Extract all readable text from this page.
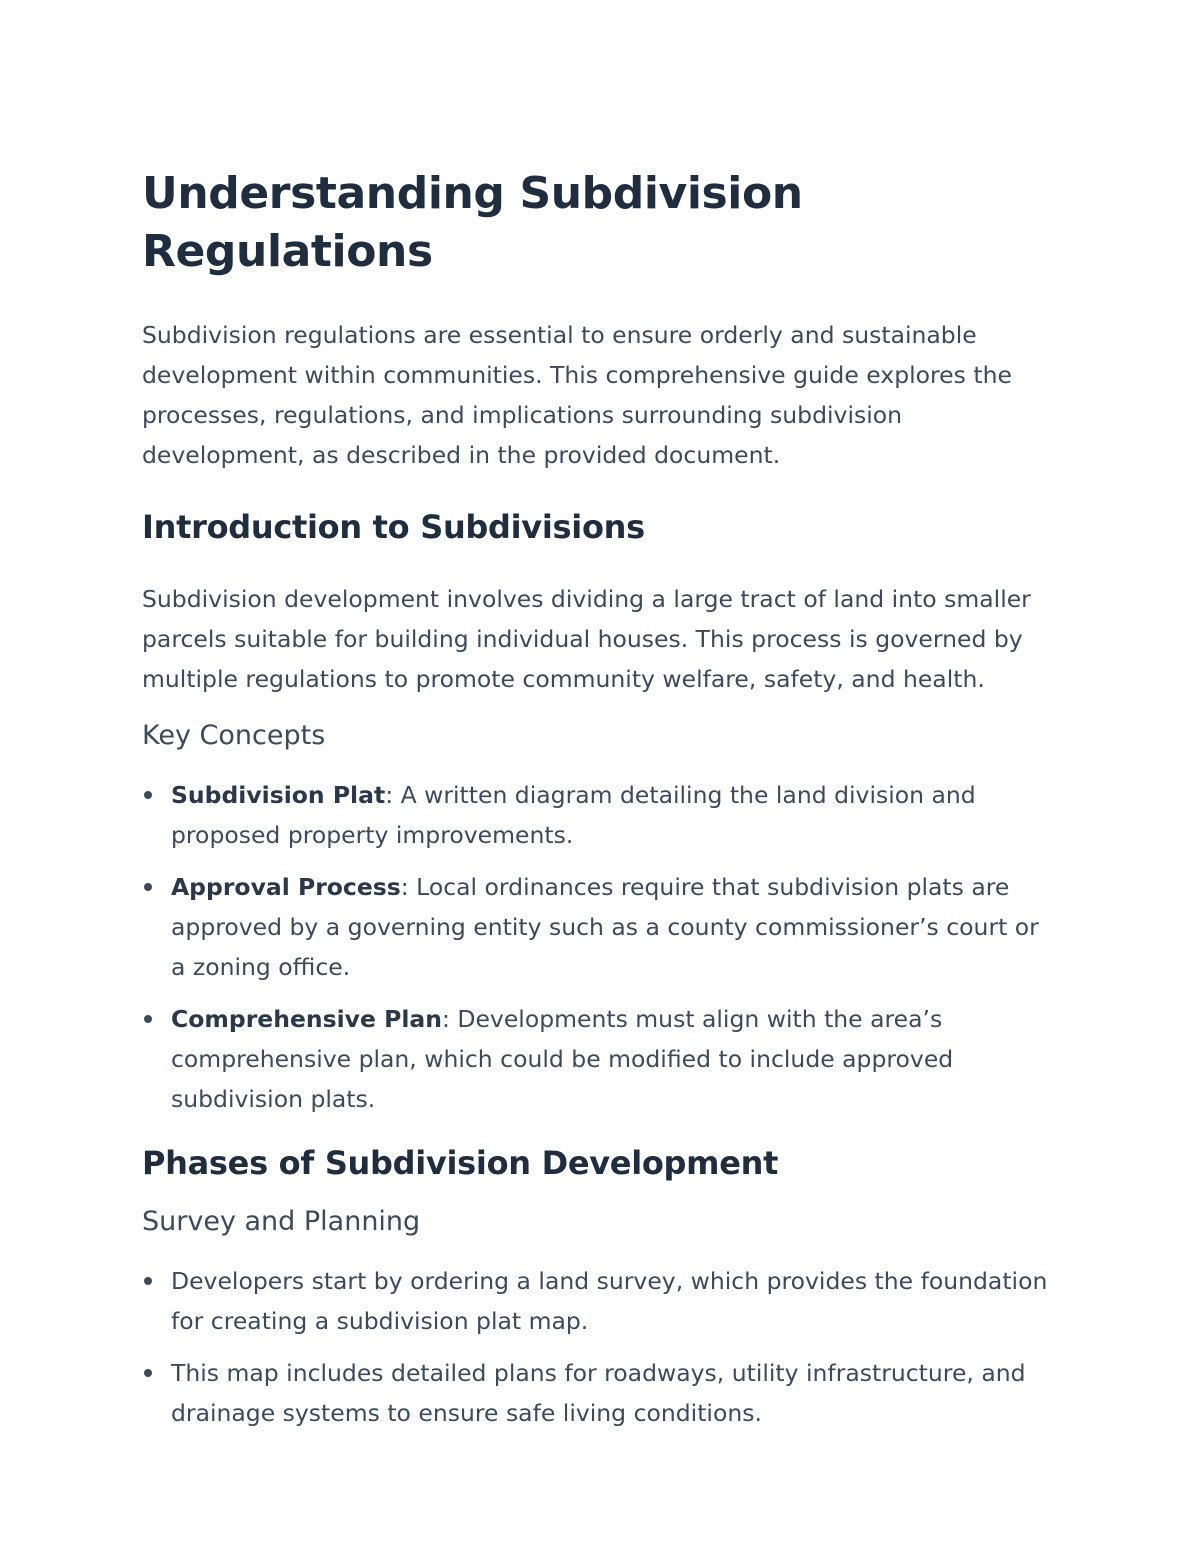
Understanding Subdivision Regulations

Subdivision regulations are essential to ensure orderly and sustainable development within communities. This comprehensive guide explores the processes, regulations, and implications surrounding subdivision development, as described in the provided document.

Introduction to Subdivisions

Subdivision development involves dividing a large tract of land into smaller parcels suitable for building individual houses. This process is governed by multiple regulations to promote community welfare, safety, and health.

Key Concepts
Subdivision Plat: A written diagram detailing the land division and proposed property improvements.
Approval Process: Local ordinances require that subdivision plats are approved by a governing entity such as a county commissioner’s court or a zoning office.
Comprehensive Plan: Developments must align with the area’s comprehensive plan, which could be modified to include approved subdivision plats.
Phases of Subdivision Development
Survey and Planning
Developers start by ordering a land survey, which provides the foundation for creating a subdivision plat map.
This map includes detailed plans for roadways, utility infrastructure, and drainage systems to ensure safe living conditions.
